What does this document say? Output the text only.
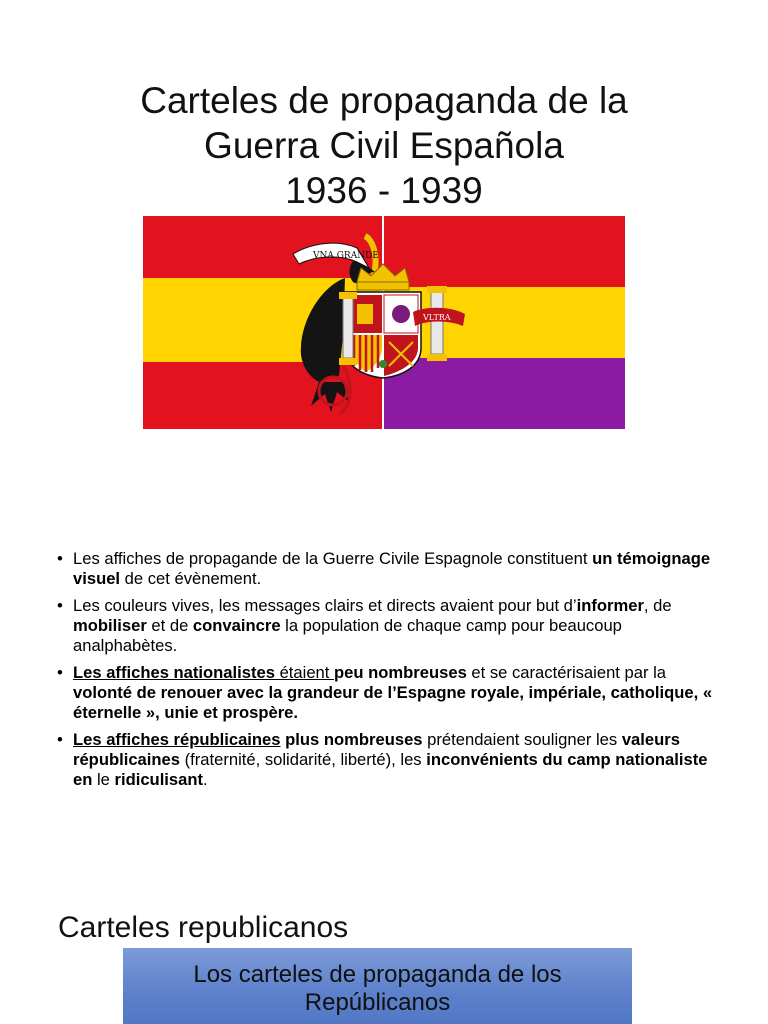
Carteles de propaganda de la
Guerra Civil Española
1936 - 1939
VNA GRANDE
VLTRA
• Les affiches de propagande de la Guerre Civile Espagnole constituent un témoignage visuel de cet évènement.
• Les couleurs vives, les messages clairs et directs avaient pour but d’informer, de mobiliser et de convaincre la population de chaque camp pour beaucoup analphabètes.
• Les affiches nationalistes étaient peu nombreuses et se caractérisaient par la volonté de renouer avec la grandeur de l’Espagne royale, impériale, catholique, « éternelle », unie et prospère.
• Les affiches républicaines plus nombreuses prétendaient souligner les valeurs républicaines (fraternité, solidarité, liberté), les inconvénients du camp nationaliste en le ridiculisant.
Carteles republicanos
Los carteles de propaganda de los
Repúblicanos
